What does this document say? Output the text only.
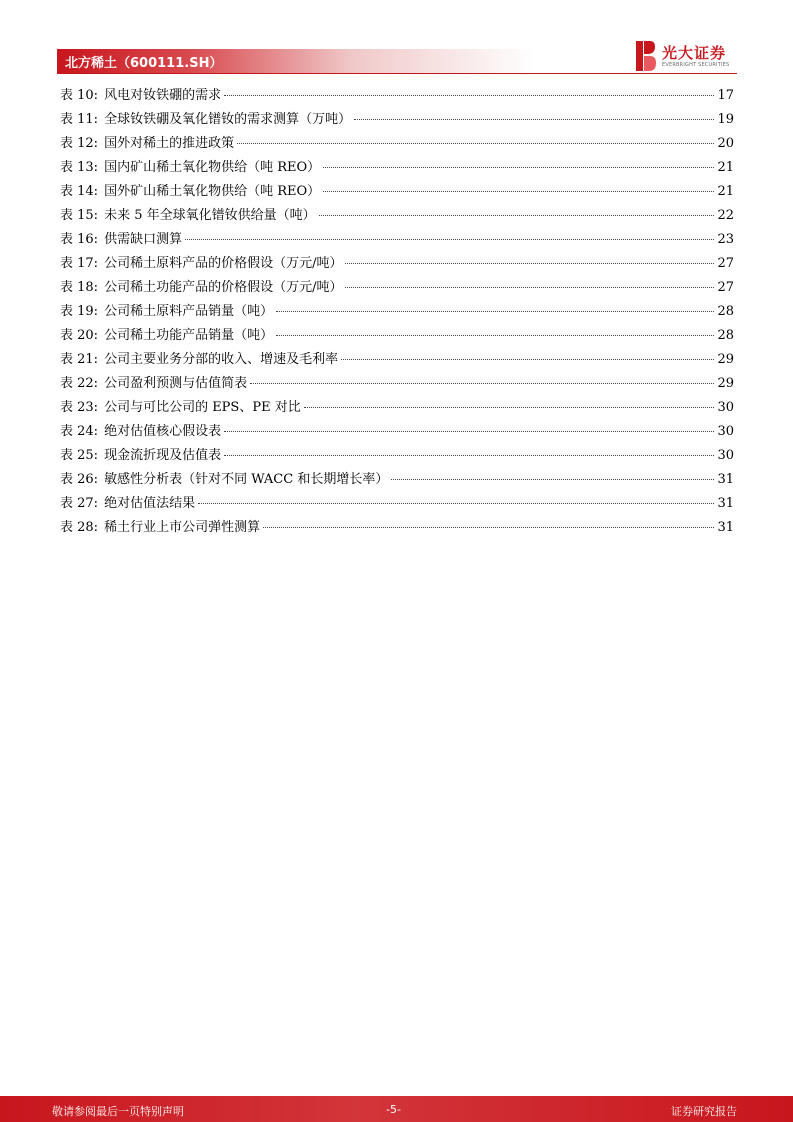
北方稀土（600111.SH）
光大证券
EVERBRIGHT SECURITIES
表 10: 风电对钕铁硼的需求	17
表 11: 全球钕铁硼及氧化镨钕的需求测算（万吨）	19
表 12: 国外对稀土的推进政策	20
表 13: 国内矿山稀土氧化物供给（吨 REO）	21
表 14: 国外矿山稀土氧化物供给（吨 REO）	21
表 15: 未来 5 年全球氧化镨钕供给量（吨）	22
表 16: 供需缺口测算	23
表 17: 公司稀土原料产品的价格假设（万元/吨）	27
表 18: 公司稀土功能产品的价格假设（万元/吨）	27
表 19: 公司稀土原料产品销量（吨）	28
表 20: 公司稀土功能产品销量（吨）	28
表 21: 公司主要业务分部的收入、增速及毛利率	29
表 22: 公司盈利预测与估值简表	29
表 23: 公司与可比公司的 EPS、PE 对比	30
表 24: 绝对估值核心假设表	30
表 25: 现金流折现及估值表	30
表 26: 敏感性分析表（针对不同 WACC 和长期增长率）	31
表 27: 绝对估值法结果	31
表 28: 稀土行业上市公司弹性测算	31
敬请参阅最后一页特别声明	-5-	证券研究报告
